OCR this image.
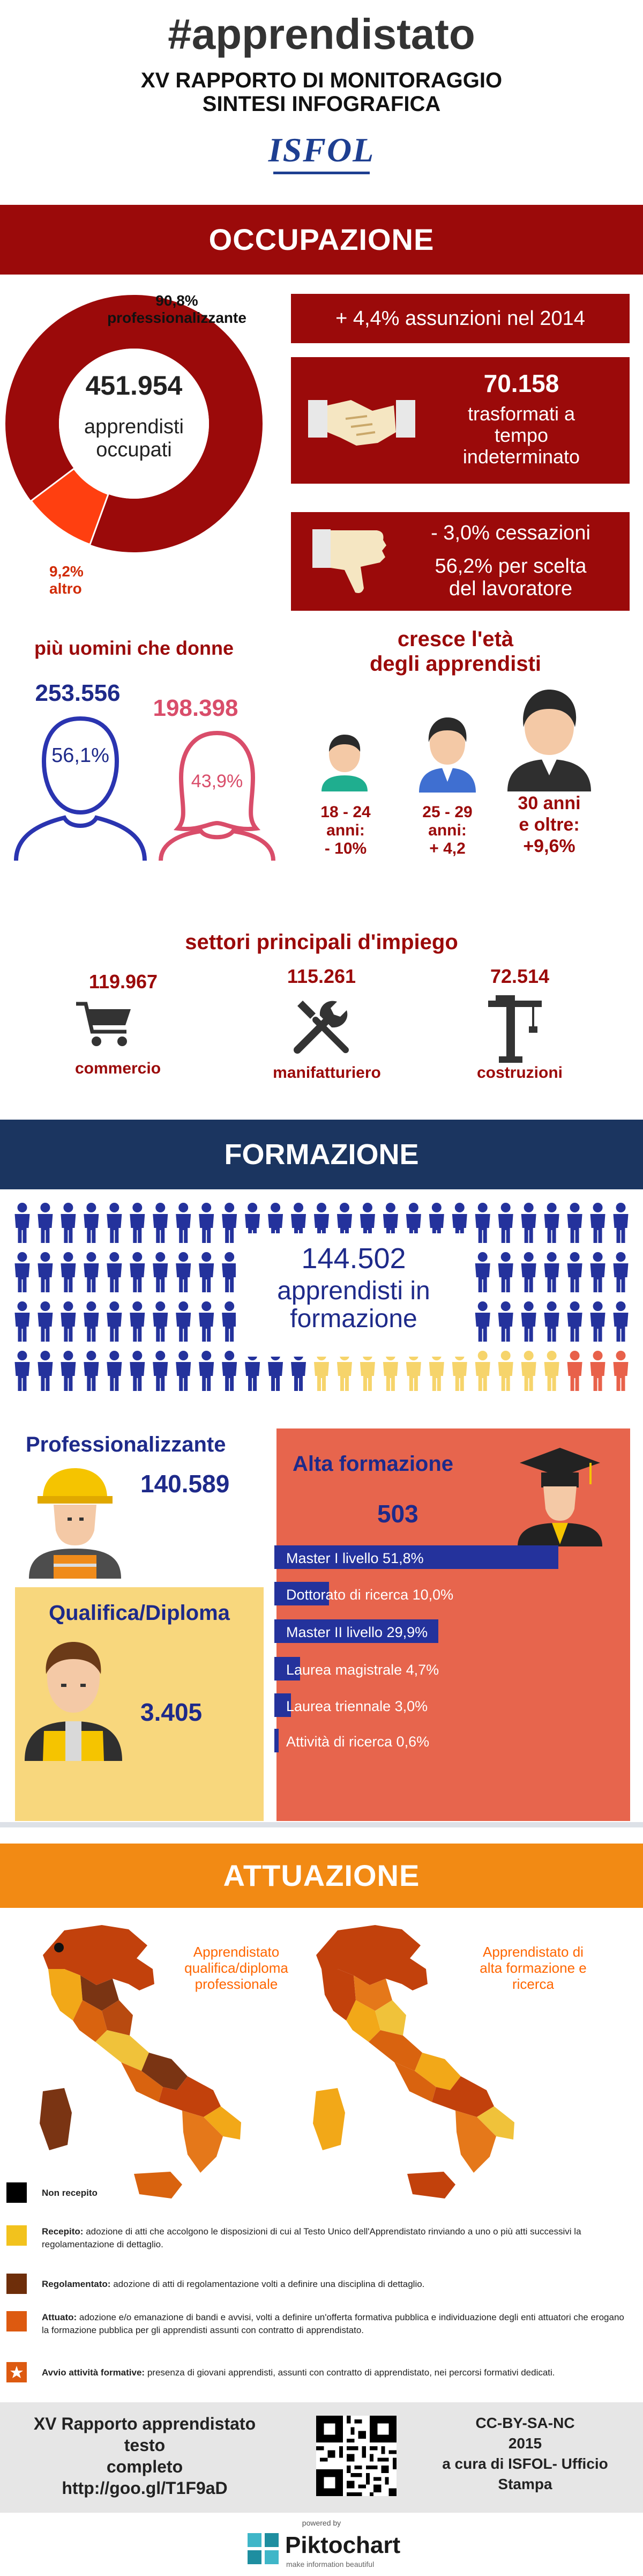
#apprendistato
XV RAPPORTO DI MONITORAGGIO
SINTESI INFOGRAFICA
ISFOL
OCCUPAZIONE
451.954
apprendisti
occupati
90,8%
professionalizzante
9,2%
altro
+ 4,4% assunzioni nel 2014
70.158
trasformati a
tempo
indeterminato
- 3,0% cessazioni
56,2% per scelta
del lavoratore
più uomini che donne
253.556
198.398
56,1%
43,9%
cresce l'età
degli apprendisti
18 - 24
anni:
- 10%
25 - 29
anni:
+ 4,2
30 anni
e oltre:
+9,6%
settori principali d'impiego
119.967
commercio
115.261
manifatturiero
72.514
costruzioni
FORMAZIONE
144.502
apprendisti in
formazione
Professionalizzante
140.589
Alta formazione
503
Qualifica/Diploma
3.405
Master I livello 51,8%
Dottorato di ricerca 10,0%
Master II livello 29,9%
Laurea magistrale 4,7%
Laurea triennale 3,0%
Attività di ricerca 0,6%
ATTUAZIONE
Apprendistato
qualifica/diploma
professionale
Apprendistato di
alta formazione e
ricerca
Non recepito
Recepito: adozione di atti che accolgono le disposizioni di cui al Testo Unico dell'Apprendistato rinviando a uno o più atti successivi la regolamentazione di dettaglio.
Regolamentato: adozione di atti di regolamentazione volti a definire una disciplina di dettaglio.
Attuato: adozione e/o emanazione di bandi e avvisi, volti a definire un'offerta formativa pubblica e individuazione degli enti attuatori che erogano la formazione pubblica per gli apprendisti assunti con contratto di apprendistato.
Avvio attività formative: presenza di giovani apprendisti, assunti con contratto di apprendistato, nei percorsi formativi dedicati.
XV Rapporto apprendistato testo
completo
http://goo.gl/T1F9aD
CC-BY-SA-NC
2015
a cura di ISFOL- Ufficio Stampa
powered by
Piktochart
make information beautiful
